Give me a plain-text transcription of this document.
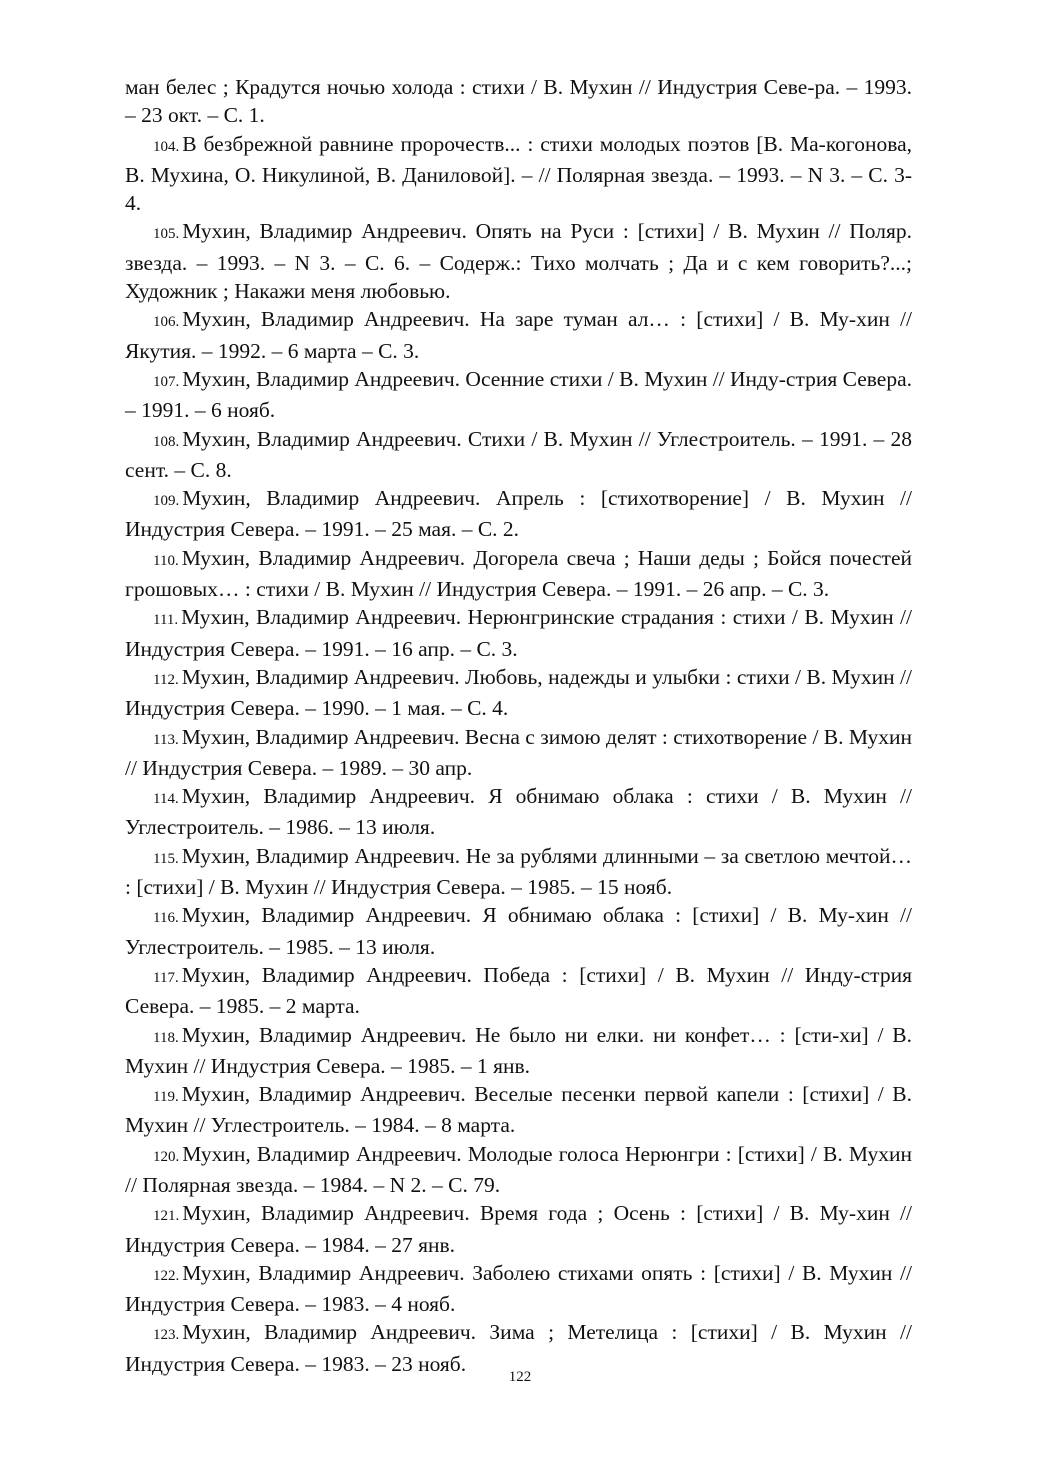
ман белес ; Крадутся ночью холода : стихи / В. Мухин // Индустрия Севе-ра. – 1993. – 23 окт. – С. 1.

104. В безбрежной равнине пророчеств... : стихи молодых поэтов [В. Ма-когонова, В. Мухина, О. Никулиной, В. Даниловой]. – // Полярная звезда. – 1993. – N 3. – С. 3-4.

105. Мухин, Владимир Андреевич. Опять на Руси : [стихи] / В. Мухин // Поляр. звезда. – 1993. – N 3. – С. 6. – Содерж.: Тихо молчать ; Да и с кем говорить?...; Художник ; Накажи меня любовью.

106. Мухин, Владимир Андреевич. На заре туман ал… : [стихи] / В. Му-хин // Якутия. – 1992. – 6 марта – С. 3.

107. Мухин, Владимир Андреевич. Осенние стихи / В. Мухин // Инду-стрия Севера. – 1991. – 6 нояб.

108. Мухин, Владимир Андреевич. Стихи / В. Мухин // Углестроитель. – 1991. – 28 сент. – С. 8.

109. Мухин, Владимир Андреевич. Апрель : [стихотворение] / В. Мухин // Индустрия Севера. – 1991. – 25 мая. – С. 2.

110. Мухин, Владимир Андреевич. Догорела свеча ; Наши деды ; Бойся почестей грошовых… : стихи / В. Мухин // Индустрия Севера. – 1991. – 26 апр. – С. 3.

111. Мухин, Владимир Андреевич. Нерюнгринские страдания : стихи / В. Мухин // Индустрия Севера. – 1991. – 16 апр. – С. 3.

112. Мухин, Владимир Андреевич. Любовь, надежды и улыбки : стихи / В. Мухин // Индустрия Севера. – 1990. – 1 мая. – С. 4.

113. Мухин, Владимир Андреевич. Весна с зимою делят : стихотворение / В. Мухин // Индустрия Севера. – 1989. – 30 апр.

114. Мухин, Владимир Андреевич. Я обнимаю облака : стихи / В. Мухин // Углестроитель. – 1986. – 13 июля.

115. Мухин, Владимир Андреевич. Не за рублями длинными – за светлою мечтой… : [стихи] / В. Мухин // Индустрия Севера. – 1985. – 15 нояб.

116. Мухин, Владимир Андреевич. Я обнимаю облака : [стихи] / В. Му-хин // Углестроитель. – 1985. – 13 июля.

117. Мухин, Владимир Андреевич. Победа : [стихи] / В. Мухин // Инду-стрия Севера. – 1985. – 2 марта.

118. Мухин, Владимир Андреевич. Не было ни елки. ни конфет… : [сти-хи] / В. Мухин // Индустрия Севера. – 1985. – 1 янв.

119. Мухин, Владимир Андреевич. Веселые песенки первой капели : [стихи] / В. Мухин // Углестроитель. – 1984. – 8 марта.

120. Мухин, Владимир Андреевич. Молодые голоса Нерюнгри : [стихи] / В. Мухин // Полярная звезда. – 1984. – N 2. – С. 79.

121. Мухин, Владимир Андреевич. Время года ; Осень : [стихи] / В. Му-хин // Индустрия Севера. – 1984. – 27 янв.

122. Мухин, Владимир Андреевич. Заболею стихами опять : [стихи] / В. Мухин // Индустрия Севера. – 1983. – 4 нояб.

123. Мухин, Владимир Андреевич. Зима ; Метелица : [стихи] / В. Мухин // Индустрия Севера. – 1983. – 23 нояб.

122
